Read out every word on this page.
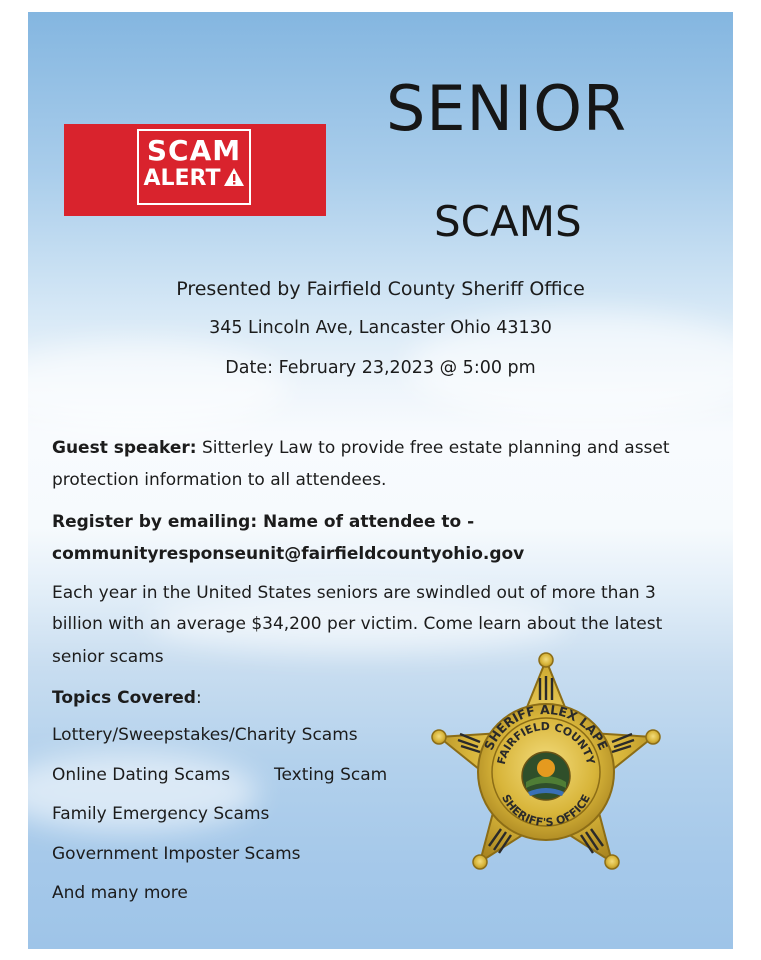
SENIOR
SCAMS
SCAM
ALERT
Presented by Fairfield County Sheriff Office
345 Lincoln Ave, Lancaster Ohio 43130
Date: February 23,2023 @ 5:00 pm
Guest speaker: Sitterley Law to provide free estate planning and asset
protection information to all attendees.
Register by emailing: Name of attendee to -
communityresponseunit@fairfieldcountyohio.gov
Each year in the United States seniors are swindled out of more than 3
billion with an average $34,200 per victim. Come learn about the latest
senior scams
Topics Covered:
Lottery/Sweepstakes/Charity Scams
Online Dating Scams	Texting Scam
Family Emergency Scams
Government Imposter Scams
And many more
SHERIFF ALEX LAPE
FAIRFIELD COUNTY
SHERIFF'S OFFICE
